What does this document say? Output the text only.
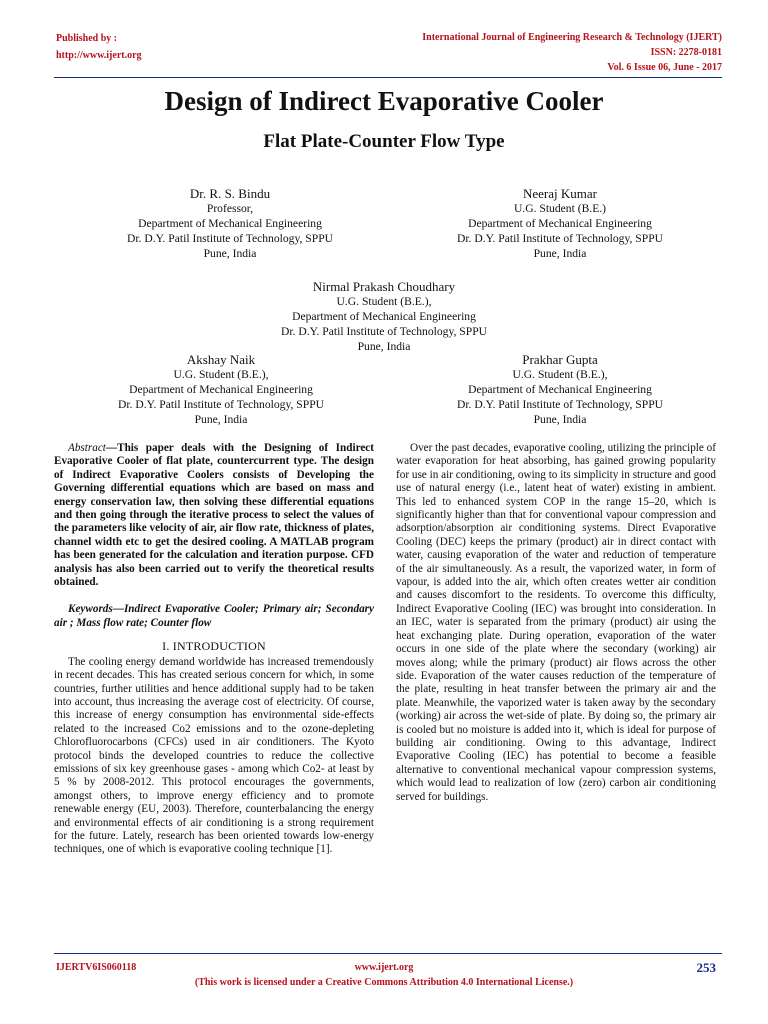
Published by :
http://www.ijert.org
International Journal of Engineering Research & Technology (IJERT)
ISSN: 2278-0181
Vol. 6 Issue 06, June - 2017
Design of Indirect Evaporative Cooler
Flat Plate-Counter Flow Type
Dr. R. S. Bindu
Professor,
Department of Mechanical Engineering
Dr. D.Y. Patil Institute of Technology, SPPU
Pune, India
Neeraj Kumar
U.G. Student (B.E.)
Department of Mechanical Engineering
Dr. D.Y. Patil Institute of Technology, SPPU
Pune, India
Nirmal Prakash Choudhary
U.G. Student (B.E.),
Department of Mechanical Engineering
Dr. D.Y. Patil Institute of Technology, SPPU
Pune, India
Akshay Naik
U.G. Student (B.E.),
Department of Mechanical Engineering
Dr. D.Y. Patil Institute of Technology, SPPU
Pune, India
Prakhar Gupta
U.G. Student (B.E.),
Department of Mechanical Engineering
Dr. D.Y. Patil Institute of Technology, SPPU
Pune, India

Abstract—This paper deals with the Designing of Indirect Evaporative Cooler of flat plate, countercurrent type. The design of Indirect Evaporative Coolers consists of Developing the Governing differential equations which are based on mass and energy conservation law, then solving these differential equations and then going through the iterative process to select the values of the parameters like velocity of air, air flow rate, thickness of plates, channel width etc to get the desired cooling. A MATLAB program has been generated for the calculation and iteration purpose. CFD analysis has also been carried out to verify the theoretical results obtained.

Keywords—Indirect Evaporative Cooler; Primary air; Secondary air ; Mass flow rate; Counter flow

I. INTRODUCTION

The cooling energy demand worldwide has increased tremendously in recent decades. This has created serious concern for which, in some countries, further utilities and hence additional supply had to be taken into account, thus increasing the average cost of electricity. Of course, this increase of energy consumption has environmental side-effects related to the increased Co2 emissions and to the ozone-depleting Chlorofluorocarbons (CFCs) used in air conditioners. The Kyoto protocol binds the developed countries to reduce the collective emissions of six key greenhouse gases - among which Co2- at least by 5 % by 2008-2012. This protocol encourages the governments, amongst others, to improve energy efficiency and to promote renewable energy (EU, 2003). Therefore, counterbalancing the energy and environmental effects of air conditioning is a strong requirement for the future. Lately, research has been oriented towards low-energy techniques, one of which is evaporative cooling technique [1].

Over the past decades, evaporative cooling, utilizing the principle of water evaporation for heat absorbing, has gained growing popularity for use in air conditioning, owing to its simplicity in structure and good use of natural energy (i.e., latent heat of water) existing in ambient. This led to enhanced system COP in the range 15–20, which is significantly higher than that for conventional vapour compression and adsorption/absorption air conditioning systems. Direct Evaporative Cooling (DEC) keeps the primary (product) air in direct contact with water, causing evaporation of the water and reduction of temperature of the air simultaneously. As a result, the vaporized water, in form of vapour, is added into the air, which often creates wetter air condition and causes discomfort to the residents. To overcome this difficulty, Indirect Evaporative Cooling (IEC) was brought into consideration. In an IEC, water is separated from the primary (product) air using the heat exchanging plate. During operation, evaporation of the water occurs in one side of the plate where the secondary (working) air moves along; while the primary (product) air flows across the other side. Evaporation of the water causes reduction of the temperature of the plate, resulting in heat transfer between the primary air and the plate. Meanwhile, the vaporized water is taken away by the secondary (working) air across the wet-side of plate. By doing so, the primary air is cooled but no moisture is added into it, which is ideal for purpose of building air conditioning. Owing to this advantage, Indirect Evaporative Cooling (IEC) has potential to become a feasible alternative to conventional mechanical vapour compression systems, which would lead to realization of low (zero) carbon air conditioning served for buildings.

IJERTV6IS060118	www.ijert.org	253
(This work is licensed under a Creative Commons Attribution 4.0 International License.)
